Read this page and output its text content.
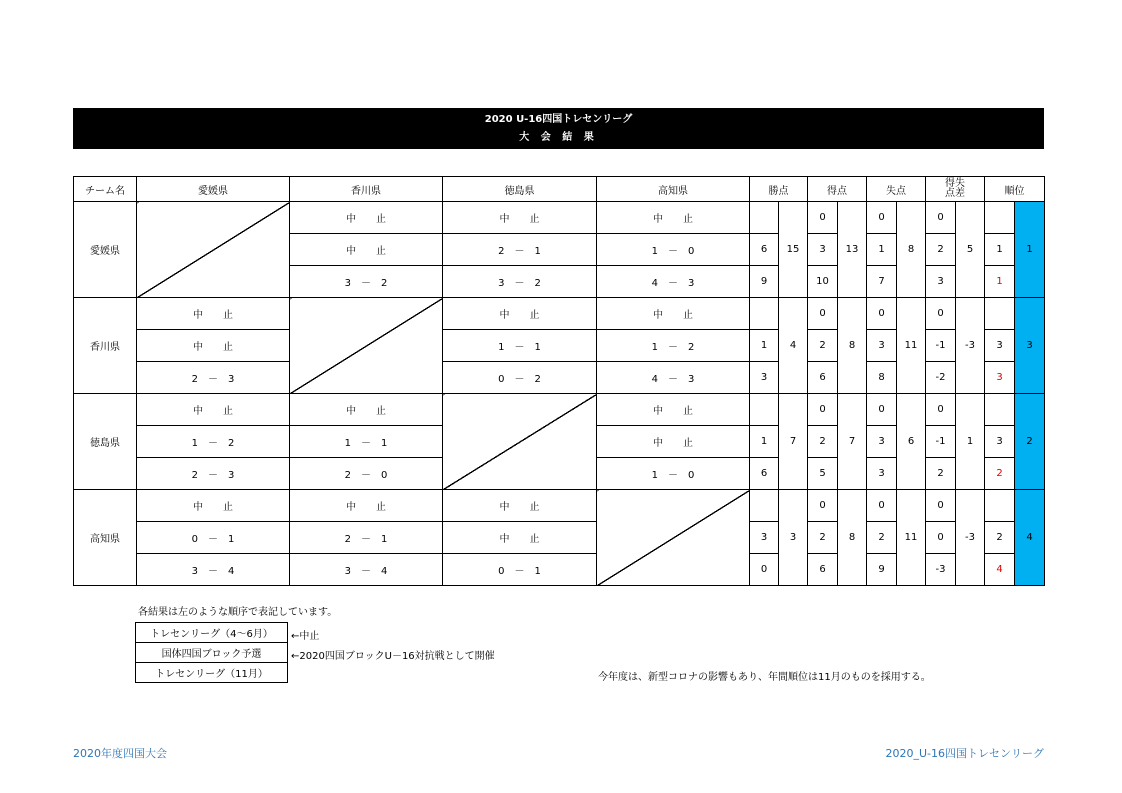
2020 U-16四国トレセンリーグ
大 会 結 果
チーム名	愛媛県	香川県	徳島県	高知県	勝点		得点		失点		得失点差		順位	
愛媛県		中　　止	中　　止	中　　止		15	0	13	0	8	0	5		1
		中　　止	2　－　1	1　－　0	6		3		1		2		1	
		3　－　2	3　－　2	4　－　3	9		10		7		3		1	
香川県	中　　止		中　　止	中　　止		4	0	8	0	11	0	-3		3
	中　　止		1　－　1	1　－　2	1		2		3		-1		3	
	2　－　3		0　－　2	4　－　3	3		6		8		-2		3	
徳島県	中　　止	中　　止		中　　止		7	0	7	0	6	0	1		2
	1　－　2	1　－　1		中　　止	1		2		3		-1		3	
	2　－　3	2　－　0		1　－　0	6		5		3		2		2	
高知県	中　　止	中　　止	中　　止			3	0	8	0	11	0	-3		4
	0　－　1	2　－　1	中　　止		3		2		2		0		2	
	3　－　4	3　－　4	0　－　1		0		6		9		-3		4	
各結果は左のような順序で表記しています。
トレセンリーグ（4～6月）
国体四国ブロック予選
トレセンリーグ（11月）
←中止
←2020四国ブロックU－16対抗戦として開催
今年度は、新型コロナの影響もあり、年間順位は11月のものを採用する。
2020年度四国大会	2020_U-16四国トレセンリーグ
